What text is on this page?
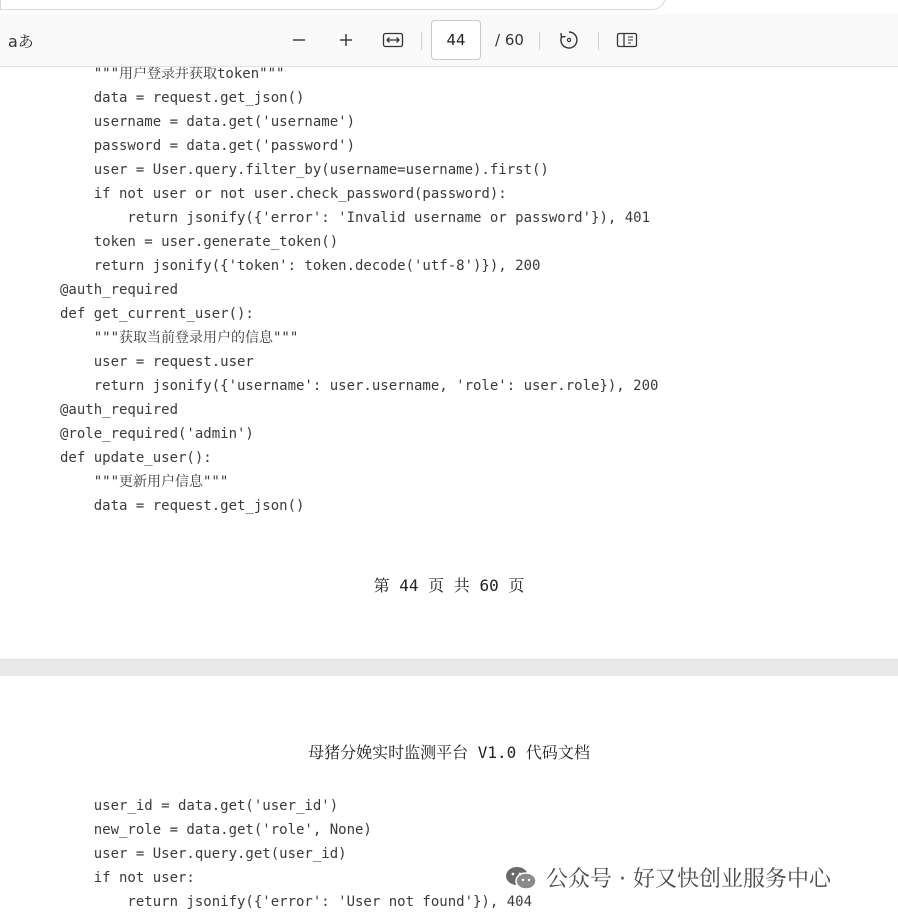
aあ
44	/ 60
"""用户登录并获取token"""
data = request.get_json()
username = data.get('username')
password = data.get('password')
user = User.query.filter_by(username=username).first()
if not user or not user.check_password(password):
return jsonify({'error': 'Invalid username or password'}), 401
token = user.generate_token()
return jsonify({'token': token.decode('utf-8')}), 200
@auth_required
def get_current_user():
"""获取当前登录用户的信息"""
user = request.user
return jsonify({'username': user.username, 'role': user.role}), 200
@auth_required
@role_required('admin')
def update_user():
"""更新用户信息"""
data = request.get_json()
第 44 页 共 60 页
母猪分娩实时监测平台 V1.0 代码文档
user_id = data.get('user_id')
new_role = data.get('role', None)
user = User.query.get(user_id)
if not user:
return jsonify({'error': 'User not found'}), 404
公众号 · 好又快创业服务中心
